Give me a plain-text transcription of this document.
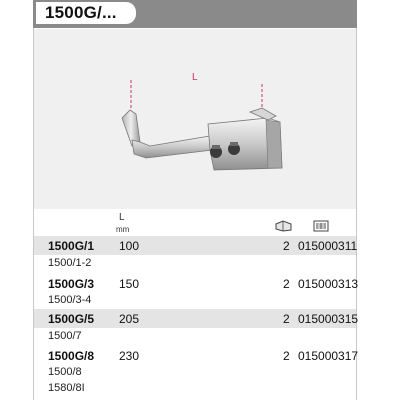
1500G/...
L
L
mm
1500G/1 100	2 015000311
1500/1-2
1500G/3 150	2 015000313
1500/3-4
1500G/5 205	2 015000315
1500/7
1500G/8 230	2 015000317
1500/8
1580/8I
